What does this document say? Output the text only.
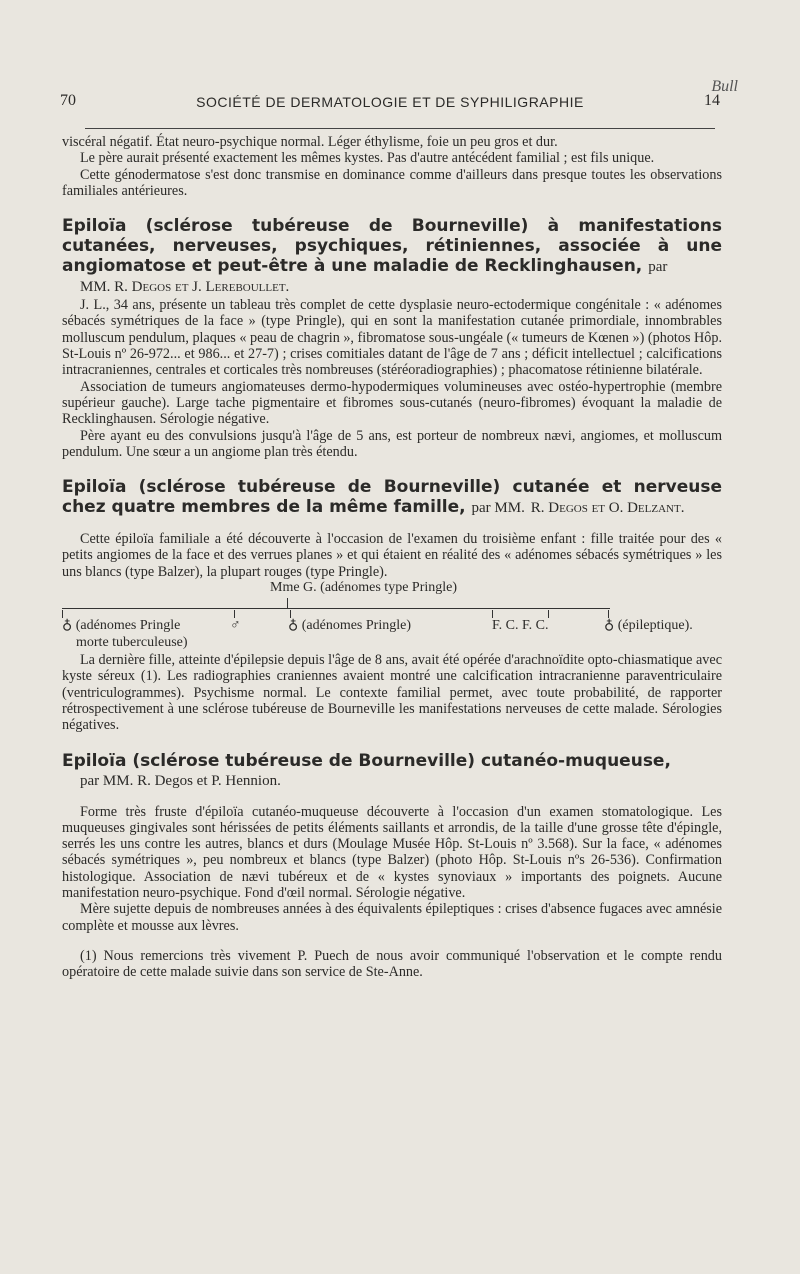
Bull
70	SOCIÉTÉ DE DERMATOLOGIE ET DE SYPHILIGRAPHIE	14

viscéral négatif. État neuro-psychique normal. Léger éthylisme, foie un peu gros et dur.

Le père aurait présenté exactement les mêmes kystes. Pas d'autre antécédent familial ; est fils unique.

Cette génodermatose s'est donc transmise en dominance comme d'ailleurs dans presque toutes les observations familiales antérieures.

Epiloïa (sclérose tubéreuse de Bourneville) à manifestations cutanées, nerveuses, psychiques, rétiniennes, associée à une angiomatose et peut-être à une maladie de Recklinghausen, par

MM. R. Degos et J. Lereboullet.

J. L., 34 ans, présente un tableau très complet de cette dysplasie neuro-ectodermique congénitale : « adénomes sébacés symétriques de la face » (type Pringle), qui en sont la manifestation cutanée primordiale, innombrables molluscum pendulum, plaques « peau de chagrin », fibromatose sous-ungéale (« tumeurs de Kœnen ») (photos Hôp. St-Louis nº 26-972... et 986... et 27-7) ; crises comitiales datant de l'âge de 7 ans ; déficit intellectuel ; calcifications intracraniennes, centrales et corticales très nombreuses (stéréoradiographies) ; phacomatose rétinienne bilatérale.

Association de tumeurs angiomateuses dermo-hypodermiques volumineuses avec ostéo-hypertrophie (membre supérieur gauche). Large tache pigmentaire et fibromes sous-cutanés (neuro-fibromes) évoquant la maladie de Recklinghausen. Sérologie négative.

Père ayant eu des convulsions jusqu'à l'âge de 5 ans, est porteur de nombreux nævi, angiomes, et molluscum pendulum. Une sœur a un angiome plan très étendu.

Epiloïa (sclérose tubéreuse de Bourneville) cutanée et nerveuse chez quatre membres de la même famille, par MM. R. Degos et O. Delzant.

Cette épiloïa familiale a été découverte à l'occasion de l'examen du troisième enfant : fille traitée pour des « petits angiomes de la face et des verrues planes » et qui étaient en réalité des « adénomes sébacés symétriques » les uns blancs (type Balzer), la plupart rouges (type Pringle).

Mme G. (adénomes type Pringle)
♁ (adénomes Pringle	♂	♁ (adénomes Pringle)	F. C. F. C.	♁ (épileptique).
morte tuberculeuse)

La dernière fille, atteinte d'épilepsie depuis l'âge de 8 ans, avait été opérée d'arachnoïdite opto-chiasmatique avec kyste séreux (1). Les radiographies craniennes avaient montré une calcification intracranienne paraventriculaire (ventriculogrammes). Psychisme normal. Le contexte familial permet, avec toute probabilité, de rapporter rétrospectivement à une sclérose tubéreuse de Bourneville les manifestations nerveuses de cette malade. Sérologies négatives.

Epiloïa (sclérose tubéreuse de Bourneville) cutanéo-muqueuse,

par MM. R. Degos et P. Hennion.

Forme très fruste d'épiloïa cutanéo-muqueuse découverte à l'occasion d'un examen stomatologique. Les muqueuses gingivales sont hérissées de petits éléments saillants et arrondis, de la taille d'une grosse tête d'épingle, serrés les uns contre les autres, blancs et durs (Moulage Musée Hôp. St-Louis nº 3.568). Sur la face, « adénomes sébacés symétriques », peu nombreux et blancs (type Balzer) (photo Hôp. St-Louis nºs 26-536). Confirmation histologique. Association de nævi tubéreux et de « kystes synoviaux » importants des poignets. Aucune manifestation neuro-psychique. Fond d'œil normal. Sérologie négative.

Mère sujette depuis de nombreuses années à des équivalents épileptiques : crises d'absence fugaces avec amnésie complète et mousse aux lèvres.

(1) Nous remercions très vivement P. Puech de nous avoir communiqué l'observation et le compte rendu opératoire de cette malade suivie dans son service de Ste-Anne.
